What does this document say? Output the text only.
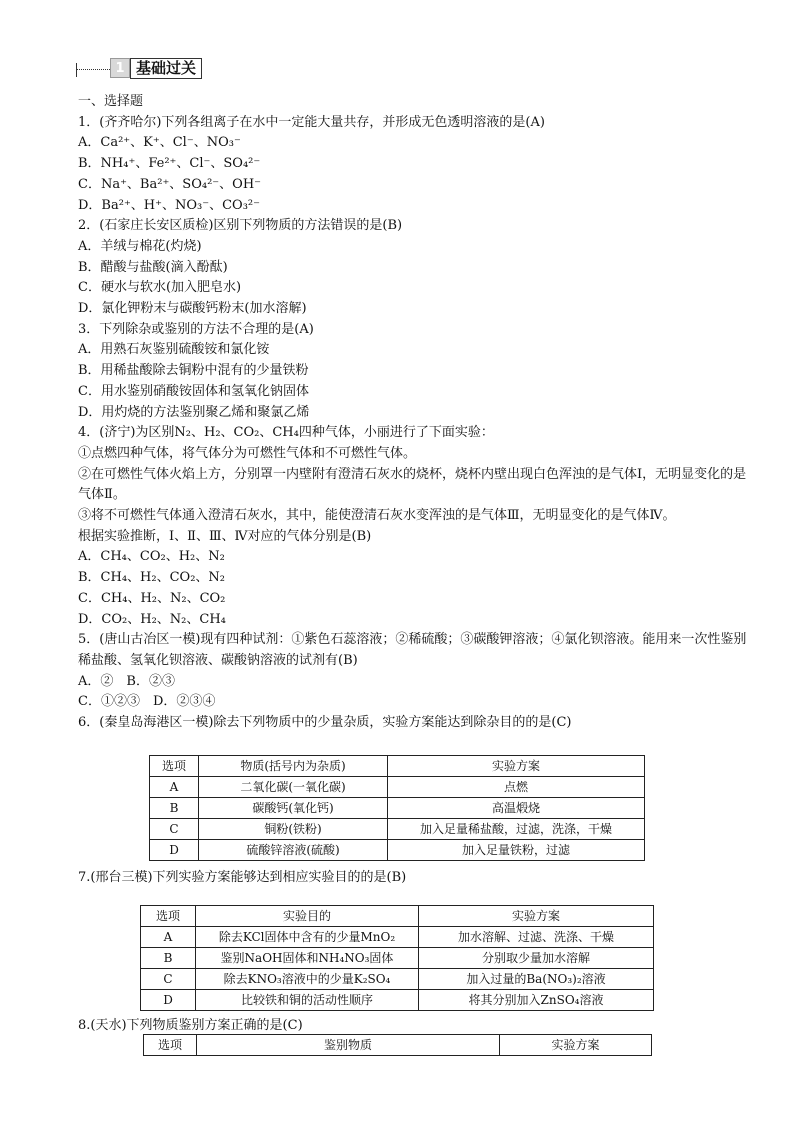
1 基础过关
一、选择题
1．(齐齐哈尔)下列各组离子在水中一定能大量共存，并形成无色透明溶液的是(A)
A．Ca²⁺、K⁺、Cl⁻、NO₃⁻
B．NH₄⁺、Fe²⁺、Cl⁻、SO₄²⁻
C．Na⁺、Ba²⁺、SO₄²⁻、OH⁻
D．Ba²⁺、H⁺、NO₃⁻、CO₃²⁻
2．(石家庄长安区质检)区别下列物质的方法错误的是(B)
A．羊绒与棉花(灼烧)
B．醋酸与盐酸(滴入酚酞)
C．硬水与软水(加入肥皂水)
D．氯化钾粉末与碳酸钙粉末(加水溶解)
3．下列除杂或鉴别的方法不合理的是(A)
A．用熟石灰鉴别硫酸铵和氯化铵
B．用稀盐酸除去铜粉中混有的少量铁粉
C．用水鉴别硝酸铵固体和氢氧化钠固体
D．用灼烧的方法鉴别聚乙烯和聚氯乙烯
4．(济宁)为区别N₂、H₂、CO₂、CH₄四种气体，小丽进行了下面实验：
①点燃四种气体，将气体分为可燃性气体和不可燃性气体。
②在可燃性气体火焰上方，分别罩一内壁附有澄清石灰水的烧杯，烧杯内壁出现白色浑浊的是气体Ⅰ，无明显变化的是气体Ⅱ。
③将不可燃性气体通入澄清石灰水，其中，能使澄清石灰水变浑浊的是气体Ⅲ，无明显变化的是气体Ⅳ。
根据实验推断，Ⅰ、Ⅱ、Ⅲ、Ⅳ对应的气体分别是(B)
A．CH₄、CO₂、H₂、N₂
B．CH₄、H₂、CO₂、N₂
C．CH₄、H₂、N₂、CO₂
D．CO₂、H₂、N₂、CH₄
5．(唐山古冶区一模)现有四种试剂：①紫色石蕊溶液；②稀硫酸；③碳酸钾溶液；④氯化钡溶液。能用来一次性鉴别稀盐酸、氢氧化钡溶液、碳酸钠溶液的试剂有(B)
A．②　B．②③
C．①②③　D．②③④
6．(秦皇岛海港区一模)除去下列物质中的少量杂质，实验方案能达到除杂目的的是(C)
选项	物质(括号内为杂质)	实验方案
A	二氧化碳(一氧化碳)	点燃
B	碳酸钙(氧化钙)	高温煅烧
C	铜粉(铁粉)	加入足量稀盐酸，过滤，洗涤，干燥
D	硫酸锌溶液(硫酸)	加入足量铁粉，过滤
7.(邢台三模)下列实验方案能够达到相应实验目的的是(B)
选项	实验目的	实验方案
A	除去KCl固体中含有的少量MnO₂	加水溶解、过滤、洗涤、干燥
B	鉴别NaOH固体和NH₄NO₃固体	分别取少量加水溶解
C	除去KNO₃溶液中的少量K₂SO₄	加入过量的Ba(NO₃)₂溶液
D	比较铁和铜的活动性顺序	将其分别加入ZnSO₄溶液
8.(天水)下列物质鉴别方案正确的是(C)
选项	鉴别物质	实验方案
